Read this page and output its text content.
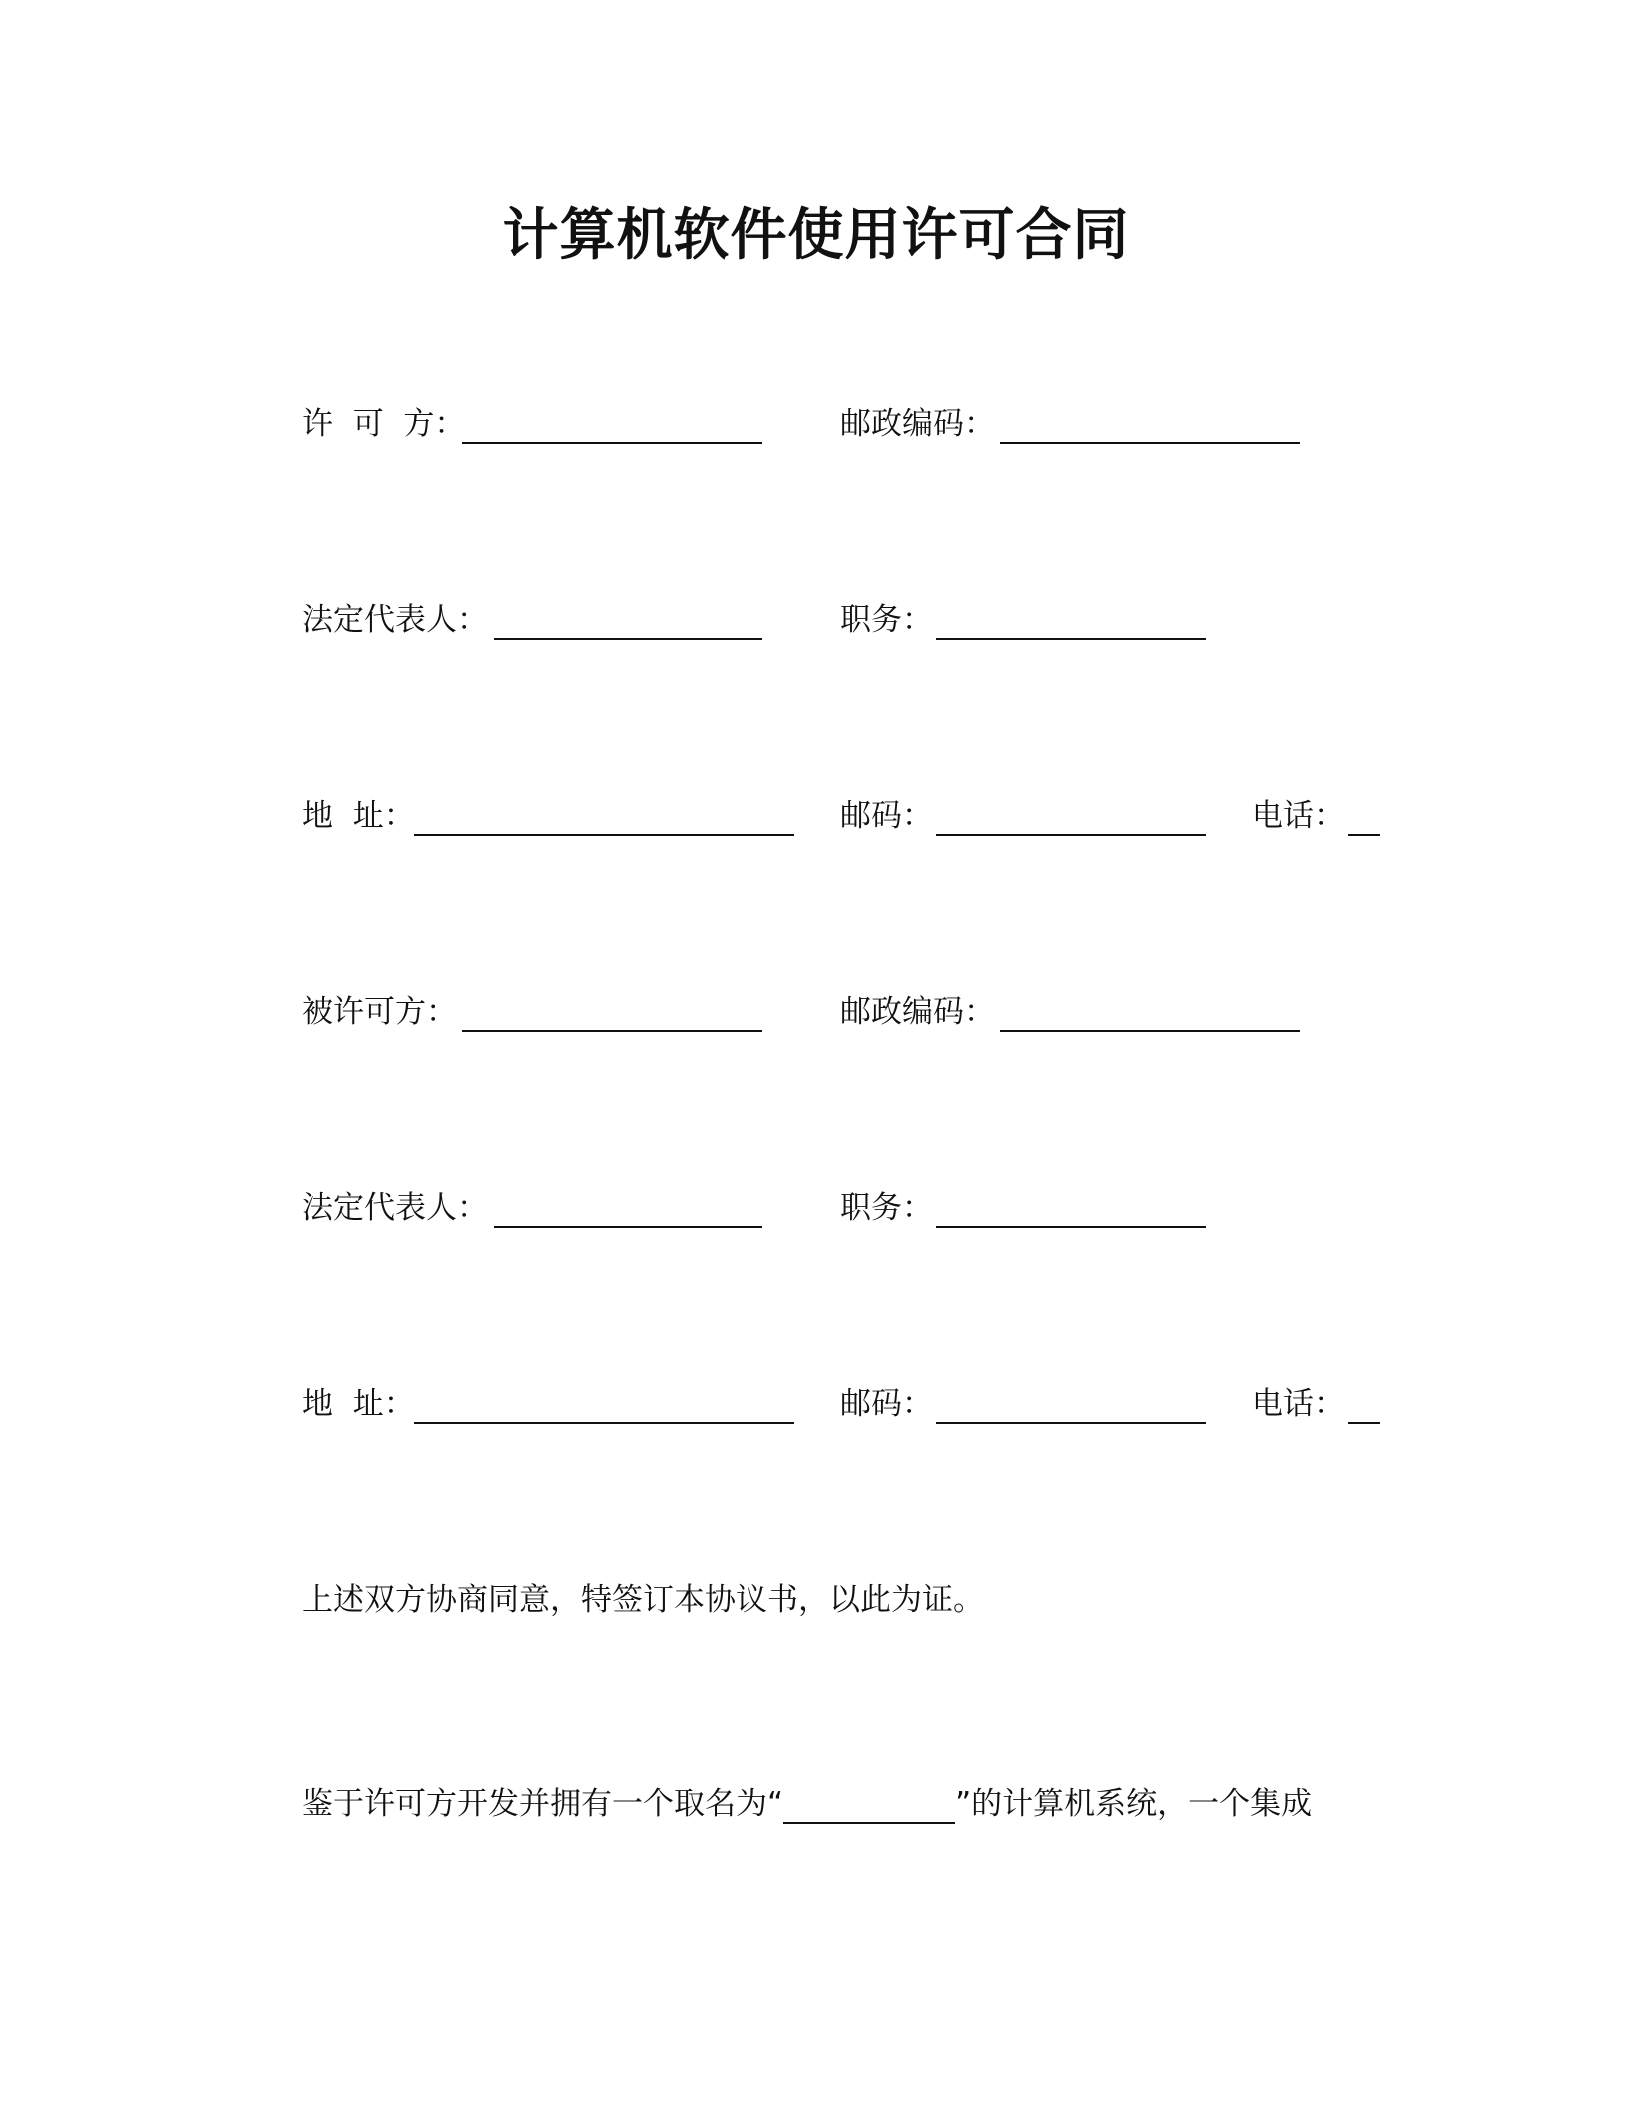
计算机软件使用许可合同
许  可  方：	邮政编码：
法定代表人：	职务：
地  址：	邮码：	电话：
被许可方：	邮政编码：
法定代表人：	职务：
地  址：	邮码：	电话：
上述双方协商同意，特签订本协议书，以此为证。
鉴于许可方开发并拥有一个取名为“	”的计算机系统，一个集成
